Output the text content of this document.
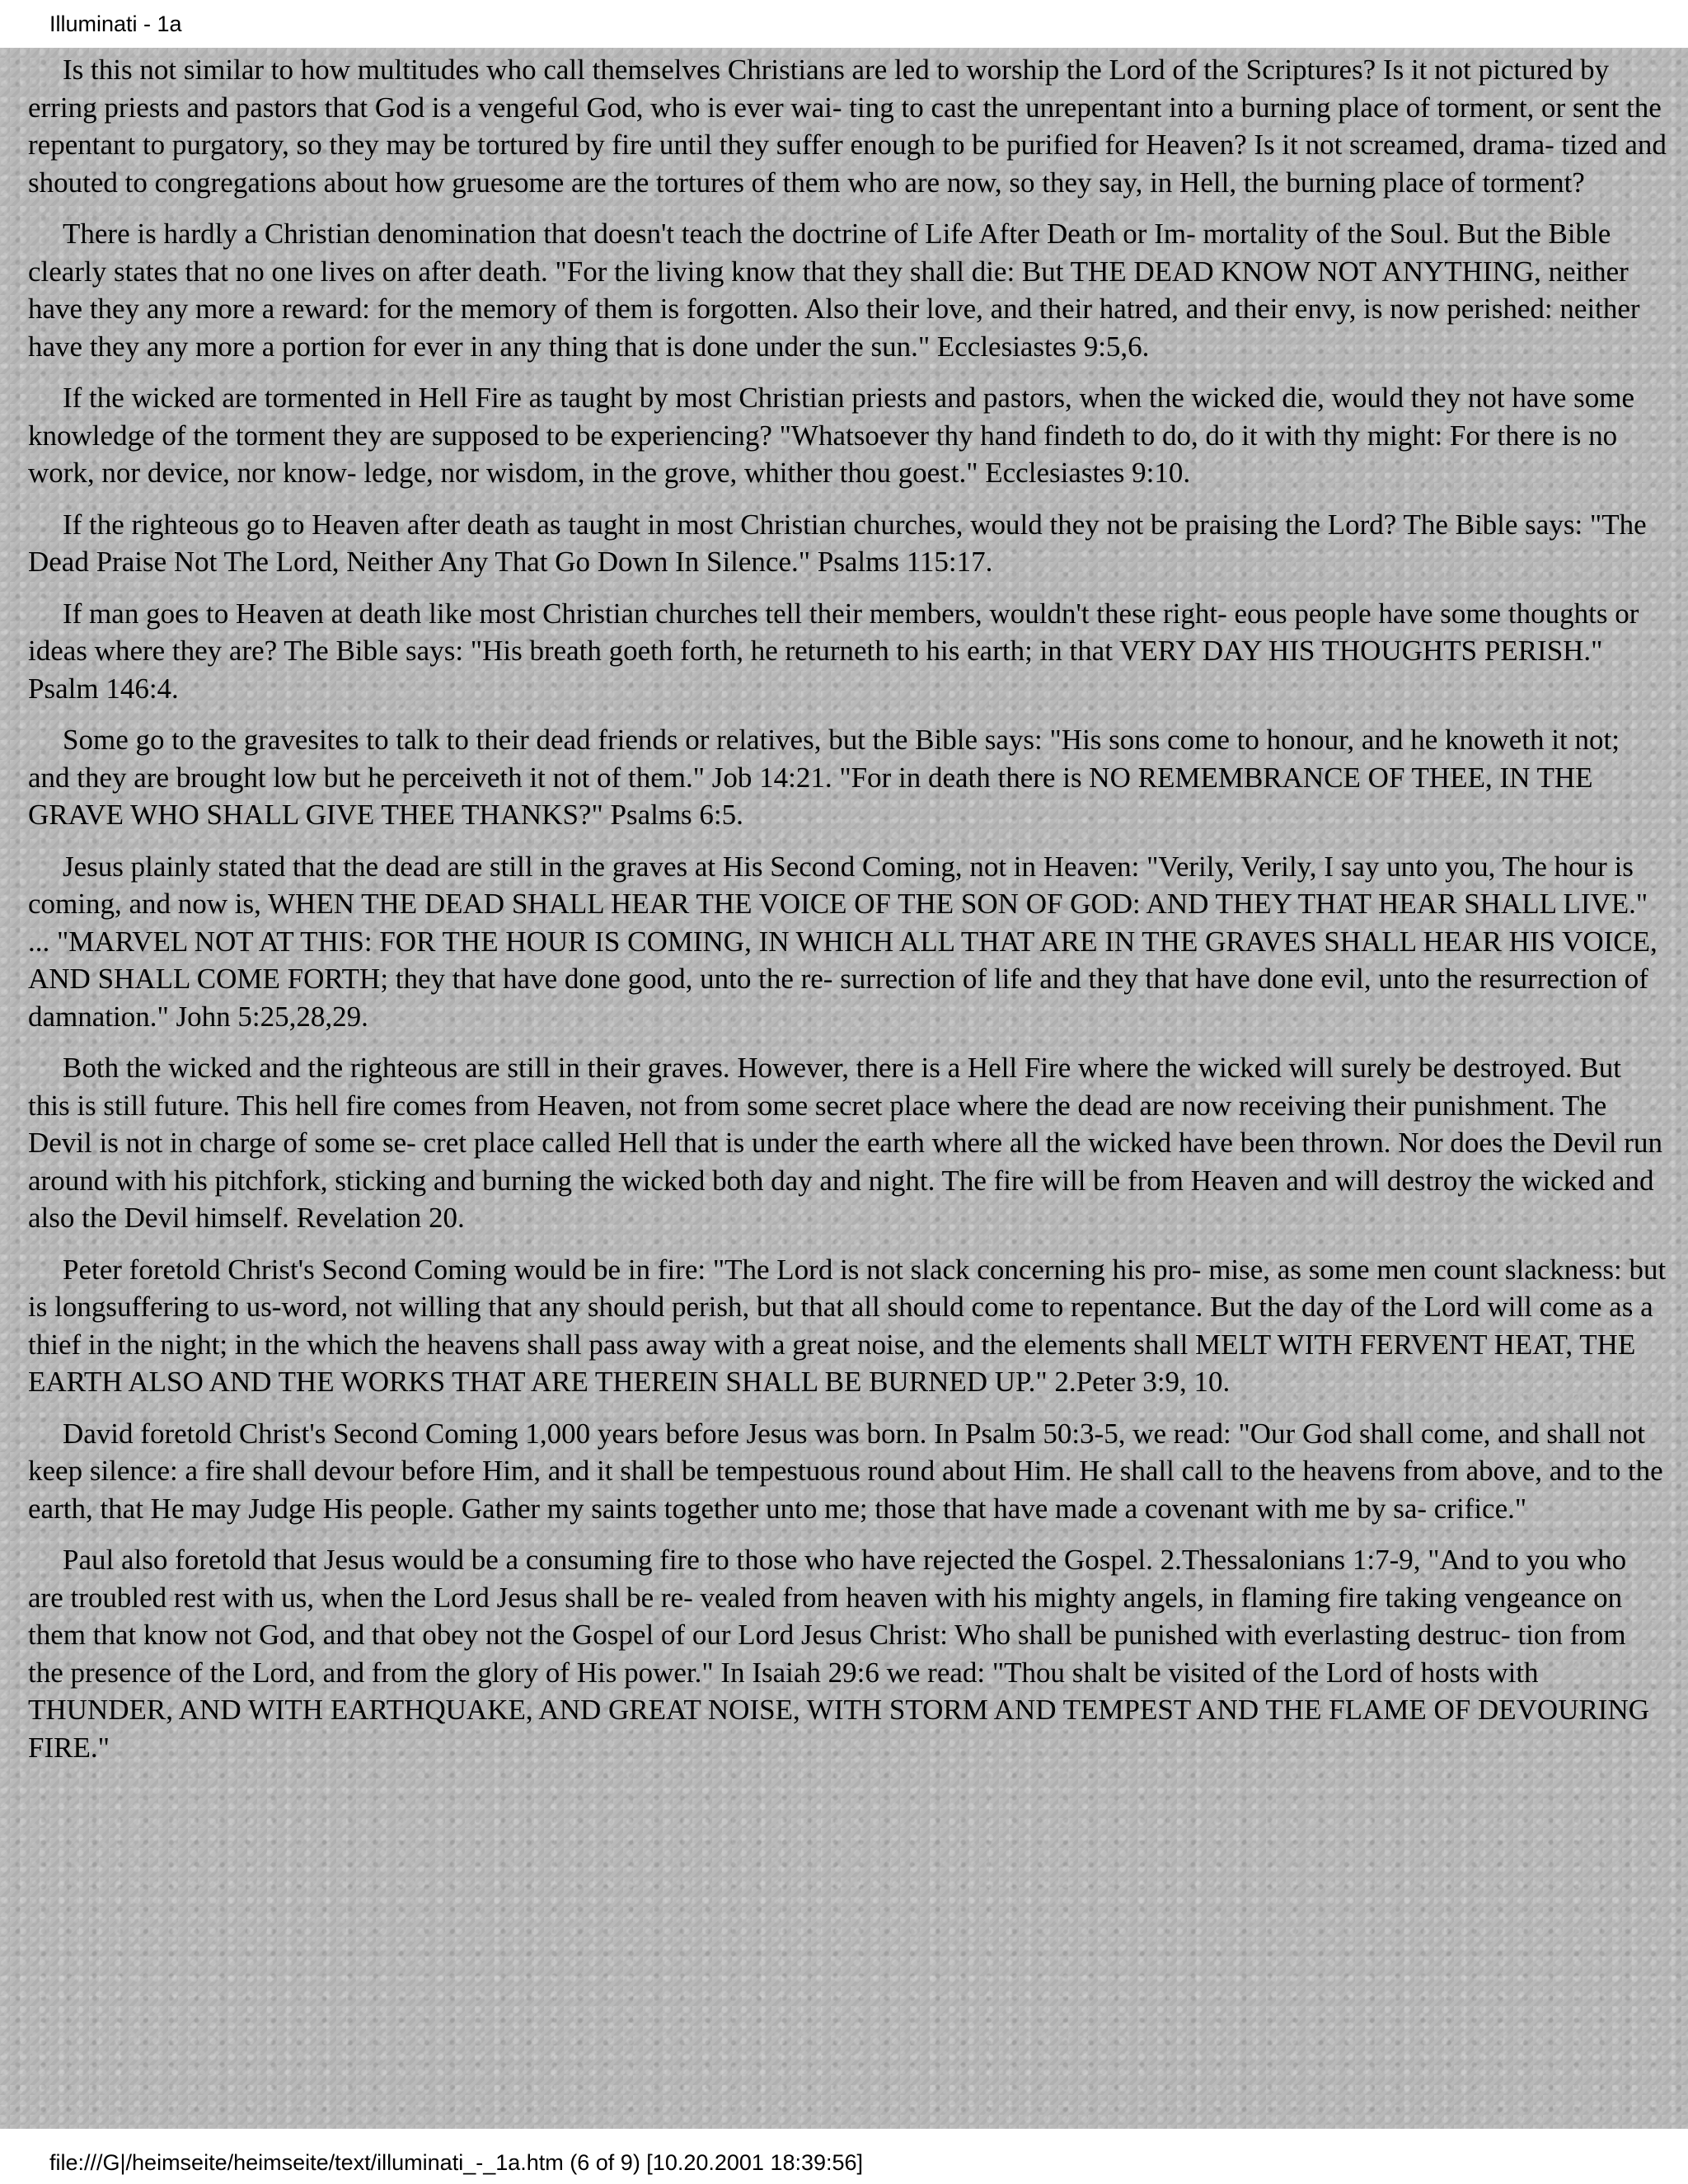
Illuminati - 1a

Is this not similar to how multitudes who call themselves Christians are led to worship the Lord of the Scriptures? Is it not pictured by erring priests and pastors that God is a vengeful God, who is ever wai- ting to cast the unrepentant into a burning place of torment, or sent the repentant to purgatory, so they may be tortured by fire until they suffer enough to be purified for Heaven? Is it not screamed, drama- tized and shouted to congregations about how gruesome are the tortures of them who are now, so they say, in Hell, the burning place of torment?

There is hardly a Christian denomination that doesn't teach the doctrine of Life After Death or Im- mortality of the Soul. But the Bible clearly states that no one lives on after death. "For the living know that they shall die: But THE DEAD KNOW NOT ANYTHING, neither have they any more a reward: for the memory of them is forgotten. Also their love, and their hatred, and their envy, is now perished: neither have they any more a portion for ever in any thing that is done under the sun." Ecclesiastes 9:5,6.

If the wicked are tormented in Hell Fire as taught by most Christian priests and pastors, when the wicked die, would they not have some knowledge of the torment they are supposed to be experiencing? "Whatsoever thy hand findeth to do, do it with thy might: For there is no work, nor device, nor know- ledge, nor wisdom, in the grove, whither thou goest." Ecclesiastes 9:10.

If the righteous go to Heaven after death as taught in most Christian churches, would they not be praising the Lord? The Bible says: "The Dead Praise Not The Lord, Neither Any That Go Down In Silence." Psalms 115:17.

If man goes to Heaven at death like most Christian churches tell their members, wouldn't these right- eous people have some thoughts or ideas where they are? The Bible says: "His breath goeth forth, he returneth to his earth; in that VERY DAY HIS THOUGHTS PERISH." Psalm 146:4.

Some go to the gravesites to talk to their dead friends or relatives, but the Bible says: "His sons come to honour, and he knoweth it not; and they are brought low but he perceiveth it not of them." Job 14:21. "For in death there is NO REMEMBRANCE OF THEE, IN THE GRAVE WHO SHALL GIVE THEE THANKS?" Psalms 6:5.

Jesus plainly stated that the dead are still in the graves at His Second Coming, not in Heaven: "Verily, Verily, I say unto you, The hour is coming, and now is, WHEN THE DEAD SHALL HEAR THE VOICE OF THE SON OF GOD: AND THEY THAT HEAR SHALL LIVE." ... "MARVEL NOT AT THIS: FOR THE HOUR IS COMING, IN WHICH ALL THAT ARE IN THE GRAVES SHALL HEAR HIS VOICE, AND SHALL COME FORTH; they that have done good, unto the re- surrection of life and they that have done evil, unto the resurrection of damnation." John 5:25,28,29.

Both the wicked and the righteous are still in their graves. However, there is a Hell Fire where the wicked will surely be destroyed. But this is still future. This hell fire comes from Heaven, not from some secret place where the dead are now receiving their punishment. The Devil is not in charge of some se- cret place called Hell that is under the earth where all the wicked have been thrown. Nor does the Devil run around with his pitchfork, sticking and burning the wicked both day and night. The fire will be from Heaven and will destroy the wicked and also the Devil himself. Revelation 20.

Peter foretold Christ's Second Coming would be in fire: "The Lord is not slack concerning his pro- mise, as some men count slackness: but is longsuffering to us-word, not willing that any should perish, but that all should come to repentance. But the day of the Lord will come as a thief in the night; in the which the heavens shall pass away with a great noise, and the elements shall MELT WITH FERVENT HEAT, THE EARTH ALSO AND THE WORKS THAT ARE THEREIN SHALL BE BURNED UP." 2.Peter 3:9, 10.

David foretold Christ's Second Coming 1,000 years before Jesus was born. In Psalm 50:3-5, we read: "Our God shall come, and shall not keep silence: a fire shall devour before Him, and it shall be tempestuous round about Him. He shall call to the heavens from above, and to the earth, that He may Judge His people. Gather my saints together unto me; those that have made a covenant with me by sa- crifice."

Paul also foretold that Jesus would be a consuming fire to those who have rejected the Gospel. 2.Thessalonians 1:7-9, "And to you who are troubled rest with us, when the Lord Jesus shall be re- vealed from heaven with his mighty angels, in flaming fire taking vengeance on them that know not God, and that obey not the Gospel of our Lord Jesus Christ: Who shall be punished with everlasting destruc- tion from the presence of the Lord, and from the glory of His power." In Isaiah 29:6 we read: "Thou shalt be visited of the Lord of hosts with THUNDER, AND WITH EARTHQUAKE, AND GREAT NOISE, WITH STORM AND TEMPEST AND THE FLAME OF DEVOURING FIRE."

file:///G|/heimseite/heimseite/text/illuminati_-_1a.htm (6 of 9) [10.20.2001 18:39:56]
